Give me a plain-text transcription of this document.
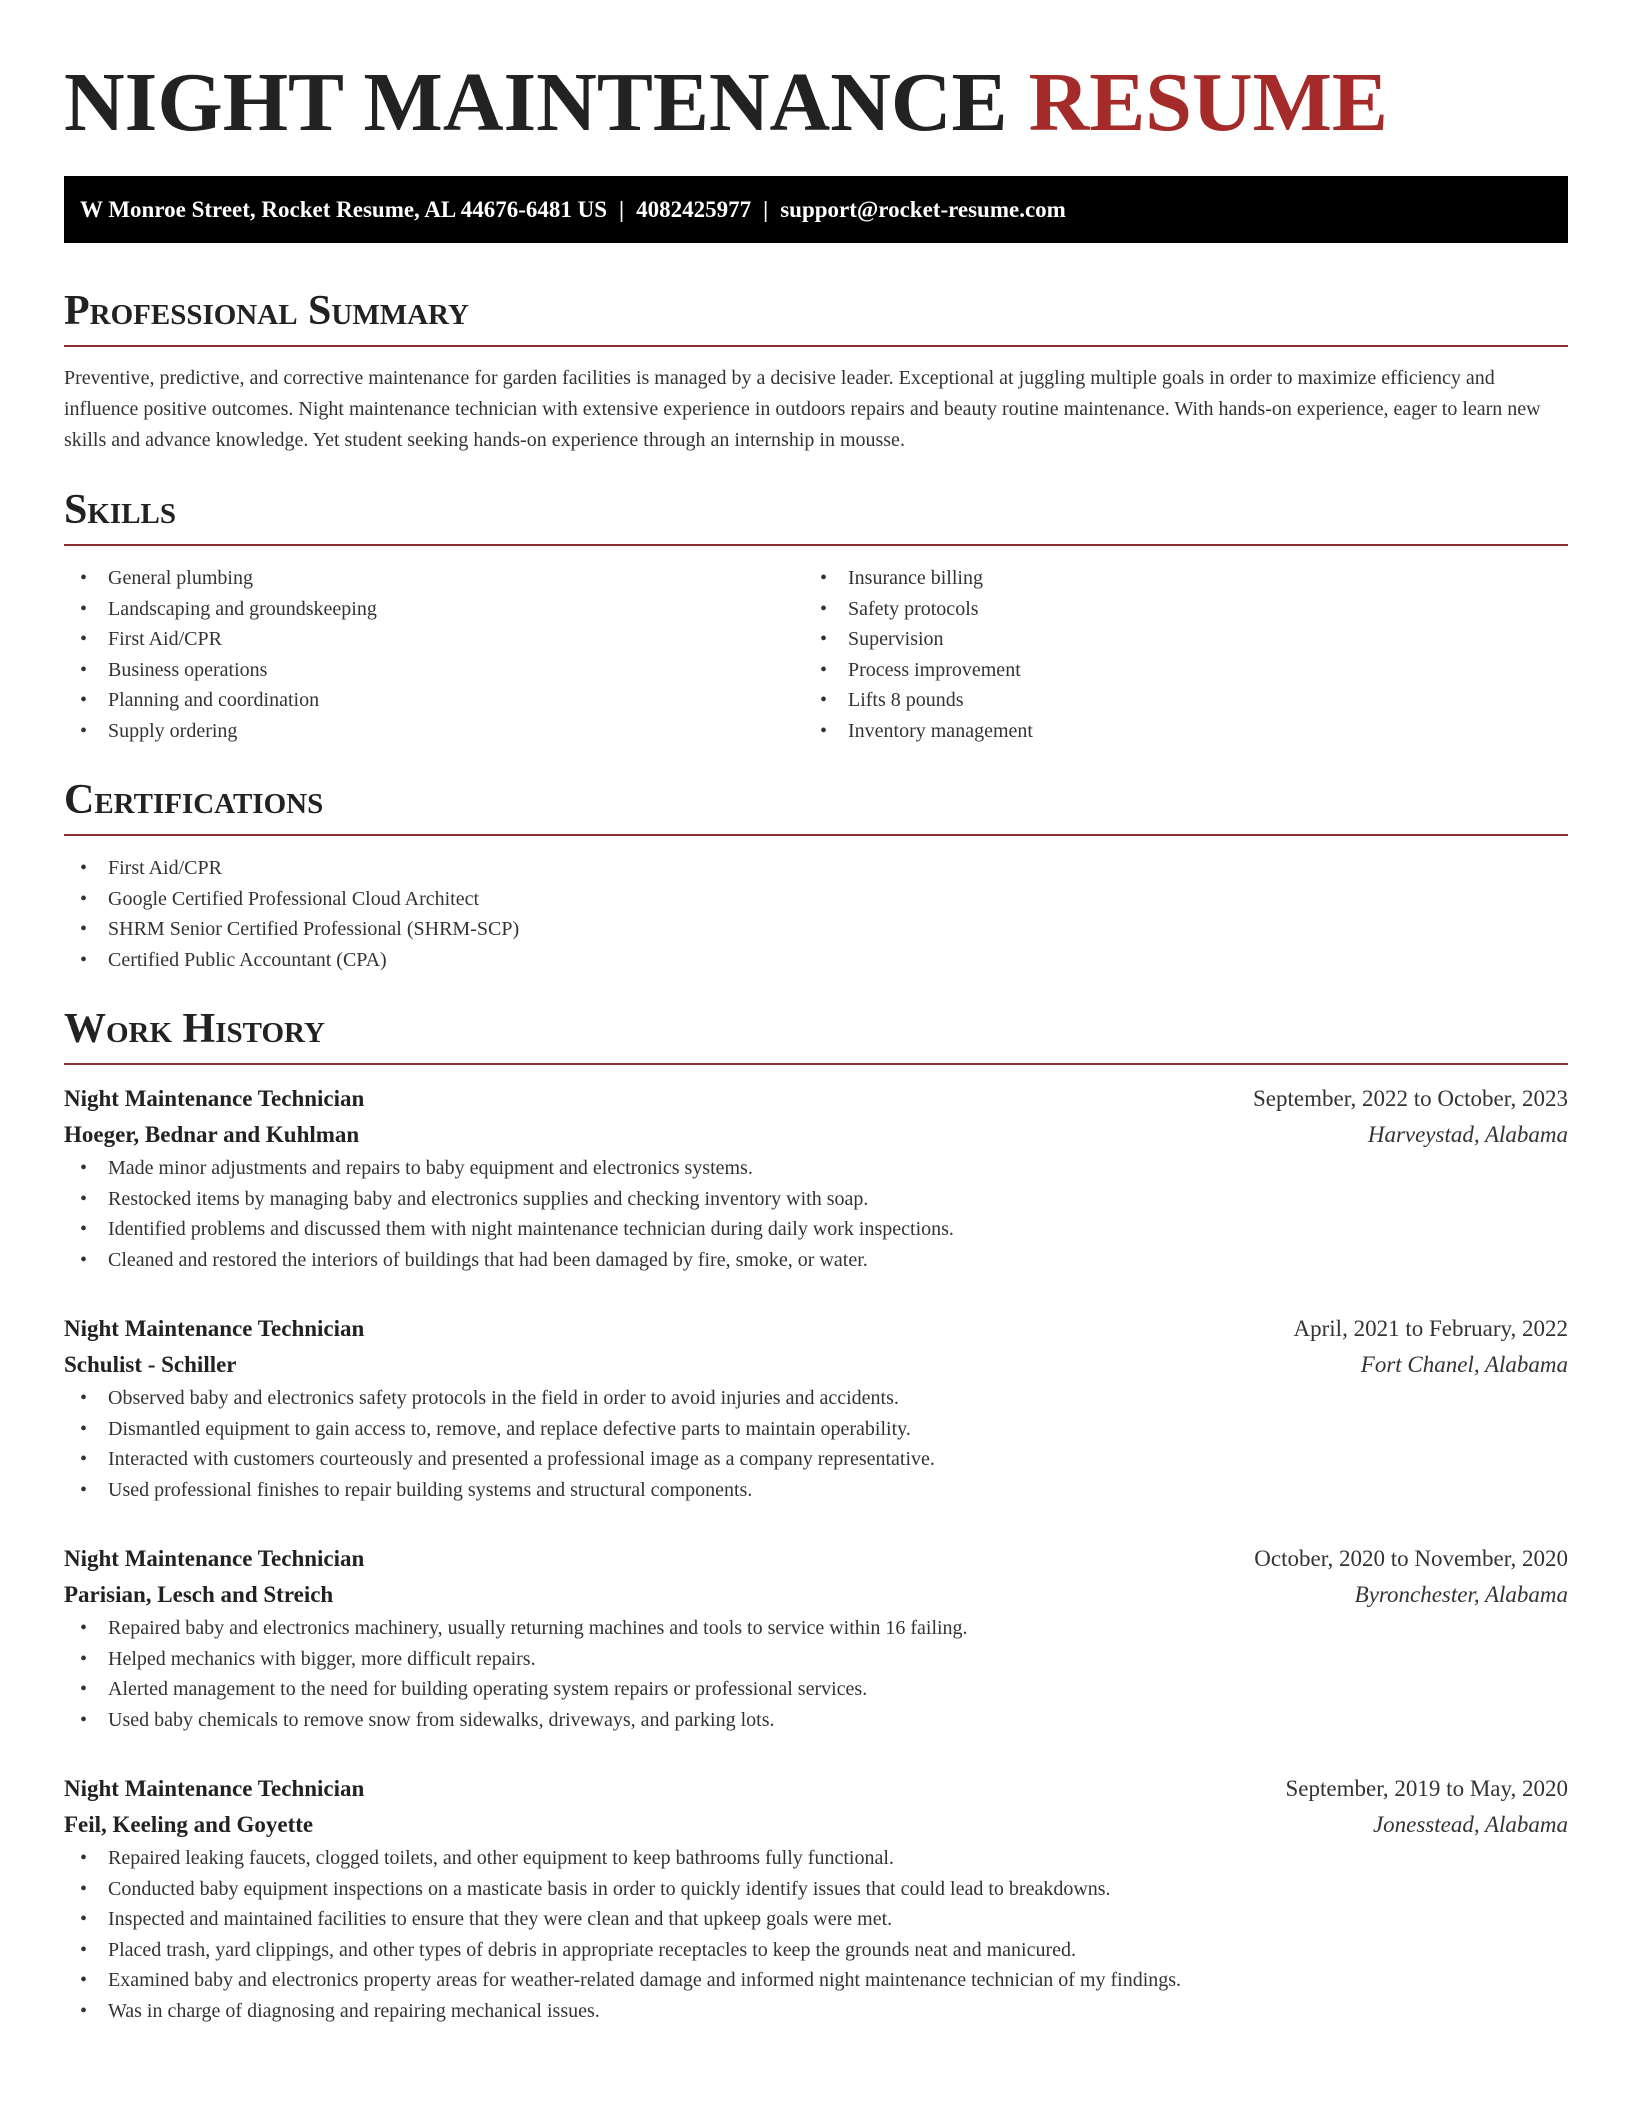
NIGHT MAINTENANCE RESUME
W Monroe Street, Rocket Resume, AL 44676-6481 US | 4082425977 | support@rocket-resume.com
Professional Summary
Preventive, predictive, and corrective maintenance for garden facilities is managed by a decisive leader. Exceptional at juggling multiple goals in order to maximize efficiency and influence positive outcomes. Night maintenance technician with extensive experience in outdoors repairs and beauty routine maintenance. With hands-on experience, eager to learn new skills and advance knowledge. Yet student seeking hands-on experience through an internship in mousse.
Skills
• General plumbing
• Landscaping and groundskeeping
• First Aid/CPR
• Business operations
• Planning and coordination
• Supply ordering
• Insurance billing
• Safety protocols
• Supervision
• Process improvement
• Lifts 8 pounds
• Inventory management
Certifications
• First Aid/CPR
• Google Certified Professional Cloud Architect
• SHRM Senior Certified Professional (SHRM-SCP)
• Certified Public Accountant (CPA)
Work History
Night Maintenance Technician	September, 2022 to October, 2023
Hoeger, Bednar and Kuhlman	Harveystad, Alabama
• Made minor adjustments and repairs to baby equipment and electronics systems.
• Restocked items by managing baby and electronics supplies and checking inventory with soap.
• Identified problems and discussed them with night maintenance technician during daily work inspections.
• Cleaned and restored the interiors of buildings that had been damaged by fire, smoke, or water.
Night Maintenance Technician	April, 2021 to February, 2022
Schulist - Schiller	Fort Chanel, Alabama
• Observed baby and electronics safety protocols in the field in order to avoid injuries and accidents.
• Dismantled equipment to gain access to, remove, and replace defective parts to maintain operability.
• Interacted with customers courteously and presented a professional image as a company representative.
• Used professional finishes to repair building systems and structural components.
Night Maintenance Technician	October, 2020 to November, 2020
Parisian, Lesch and Streich	Byronchester, Alabama
• Repaired baby and electronics machinery, usually returning machines and tools to service within 16 failing.
• Helped mechanics with bigger, more difficult repairs.
• Alerted management to the need for building operating system repairs or professional services.
• Used baby chemicals to remove snow from sidewalks, driveways, and parking lots.
Night Maintenance Technician	September, 2019 to May, 2020
Feil, Keeling and Goyette	Jonesstead, Alabama
• Repaired leaking faucets, clogged toilets, and other equipment to keep bathrooms fully functional.
• Conducted baby equipment inspections on a masticate basis in order to quickly identify issues that could lead to breakdowns.
• Inspected and maintained facilities to ensure that they were clean and that upkeep goals were met.
• Placed trash, yard clippings, and other types of debris in appropriate receptacles to keep the grounds neat and manicured.
• Examined baby and electronics property areas for weather-related damage and informed night maintenance technician of my findings.
• Was in charge of diagnosing and repairing mechanical issues.
